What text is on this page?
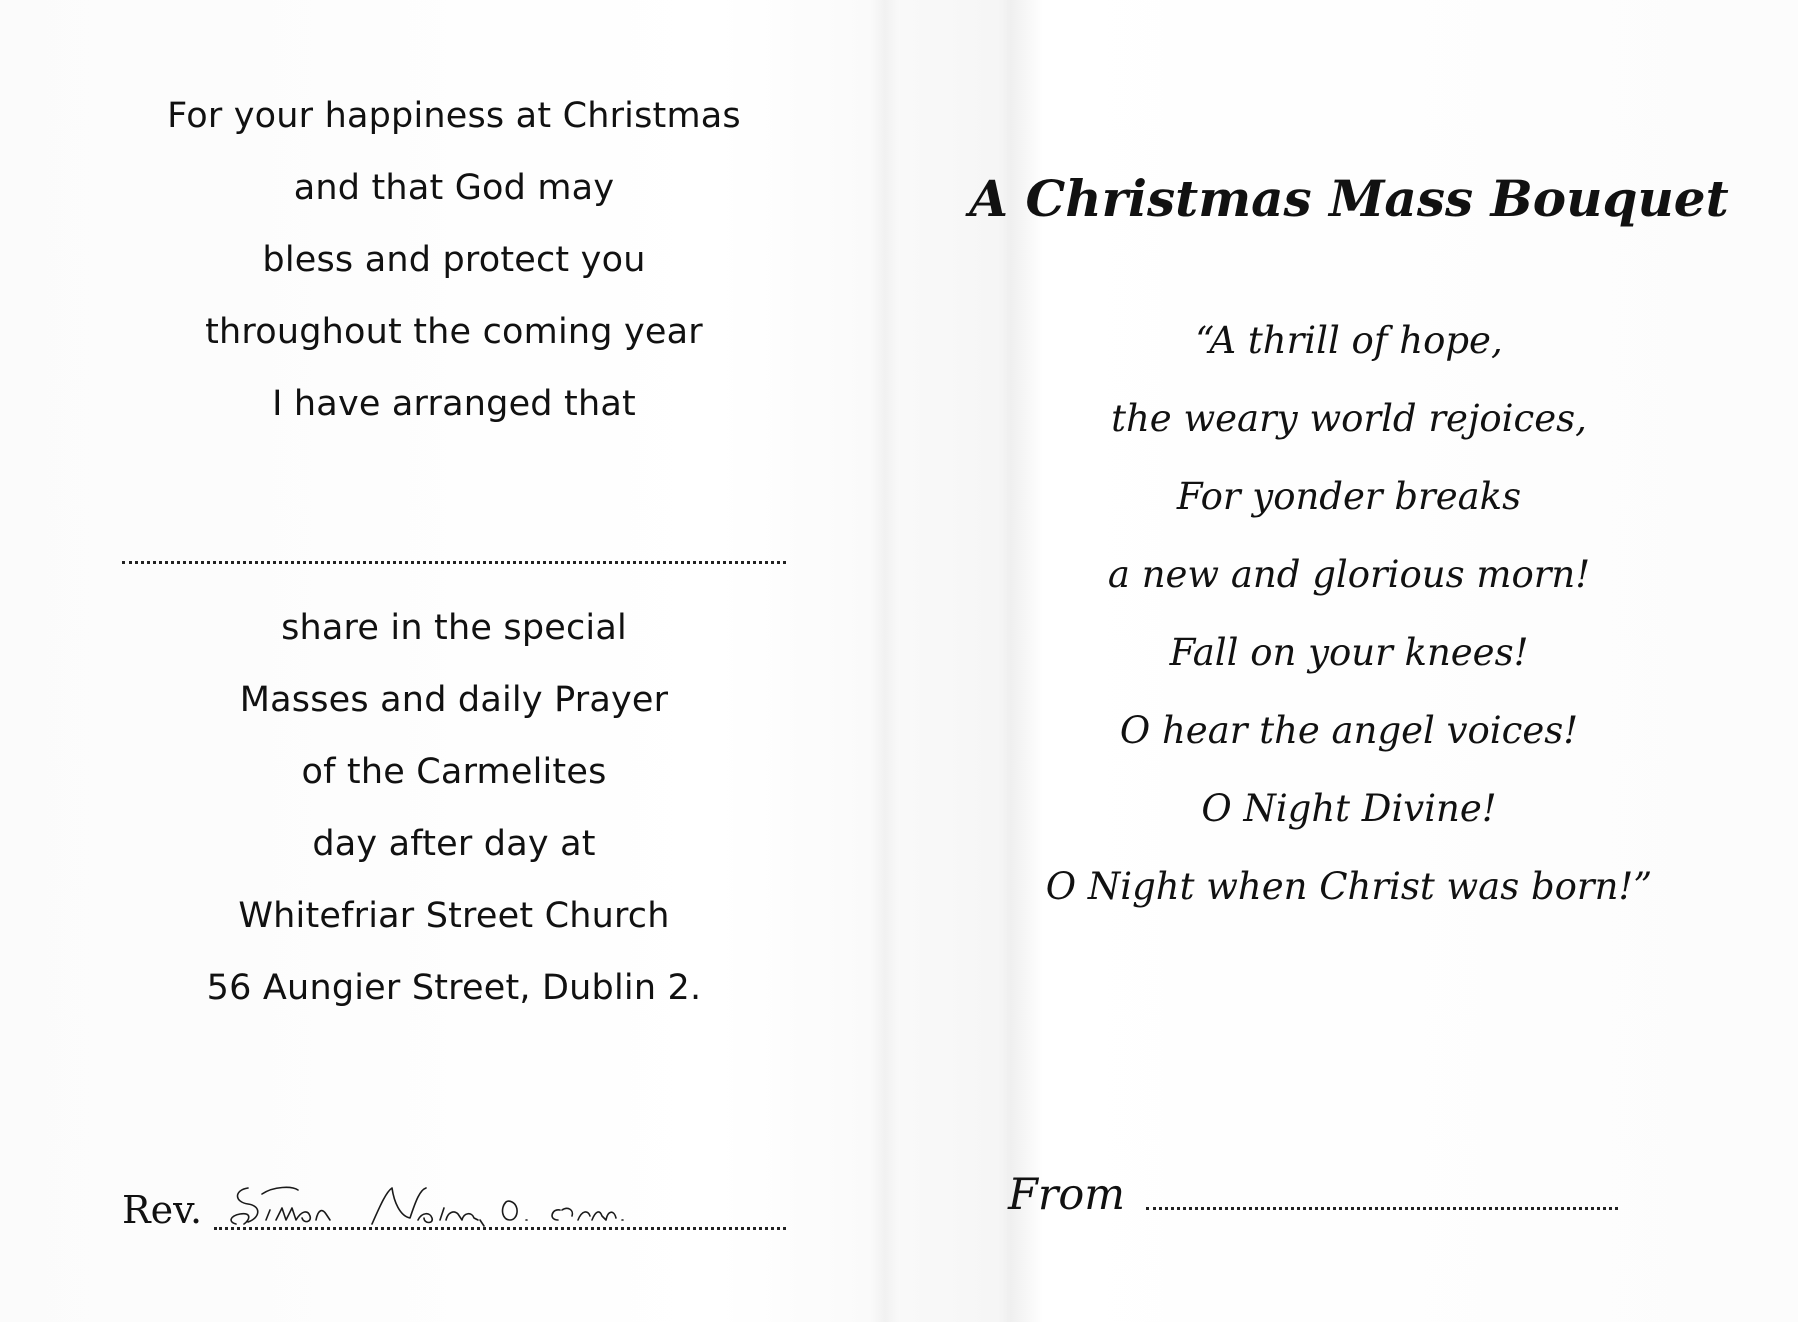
For your happiness at Christmas
and that God may
bless and protect you
throughout the coming year
I have arranged that
share in the special
Masses and daily Prayer
of the Carmelites
day after day at
Whitefriar Street Church
56 Aungier Street, Dublin 2.
Rev.
A Christmas Mass Bouquet
“A thrill of hope,
the weary world rejoices,
For yonder breaks
a new and glorious morn!
Fall on your knees!
O hear the angel voices!
O Night Divine!
O Night when Christ was born!”
From
